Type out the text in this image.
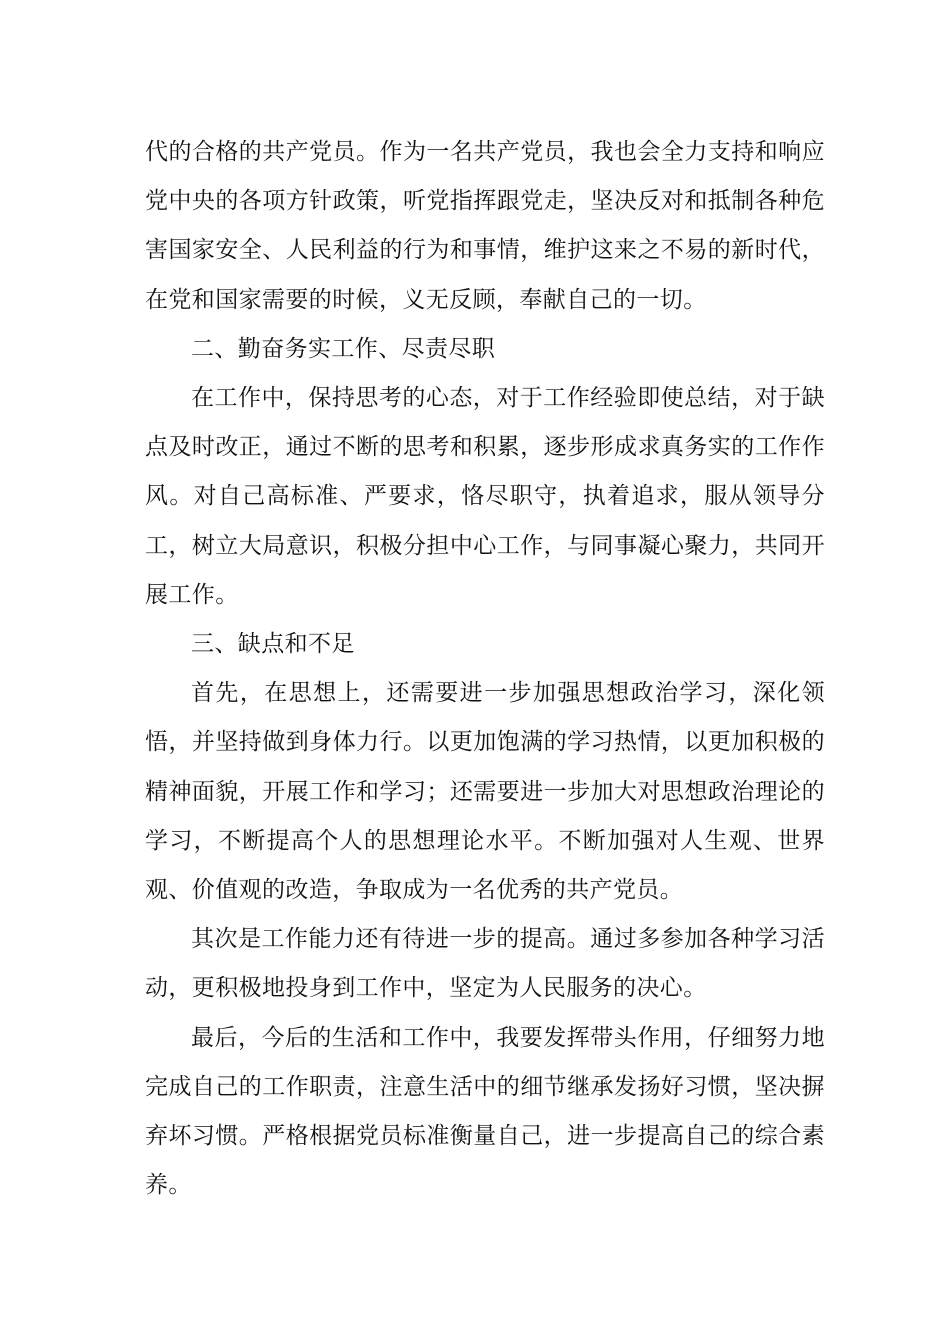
代的合格的共产党员。作为一名共产党员，我也会全力支持和响应党中央的各项方针政策，听党指挥跟党走，坚决反对和抵制各种危害国家安全、人民利益的行为和事情，维护这来之不易的新时代，在党和国家需要的时候，义无反顾，奉献自己的一切。

二、勤奋务实工作、尽责尽职

在工作中，保持思考的心态，对于工作经验即使总结，对于缺点及时改正，通过不断的思考和积累，逐步形成求真务实的工作作风。对自己高标准、严要求，恪尽职守，执着追求，服从领导分工，树立大局意识，积极分担中心工作，与同事凝心聚力，共同开展工作。

三、缺点和不足

首先，在思想上，还需要进一步加强思想政治学习，深化领悟，并坚持做到身体力行。以更加饱满的学习热情，以更加积极的精神面貌，开展工作和学习；还需要进一步加大对思想政治理论的学习，不断提高个人的思想理论水平。不断加强对人生观、世界观、价值观的改造，争取成为一名优秀的共产党员。

其次是工作能力还有待进一步的提高。通过多参加各种学习活动，更积极地投身到工作中，坚定为人民服务的决心。

最后，今后的生活和工作中，我要发挥带头作用，仔细努力地完成自己的工作职责，注意生活中的细节继承发扬好习惯，坚决摒弃坏习惯。严格根据党员标准衡量自己，进一步提高自己的综合素养。
